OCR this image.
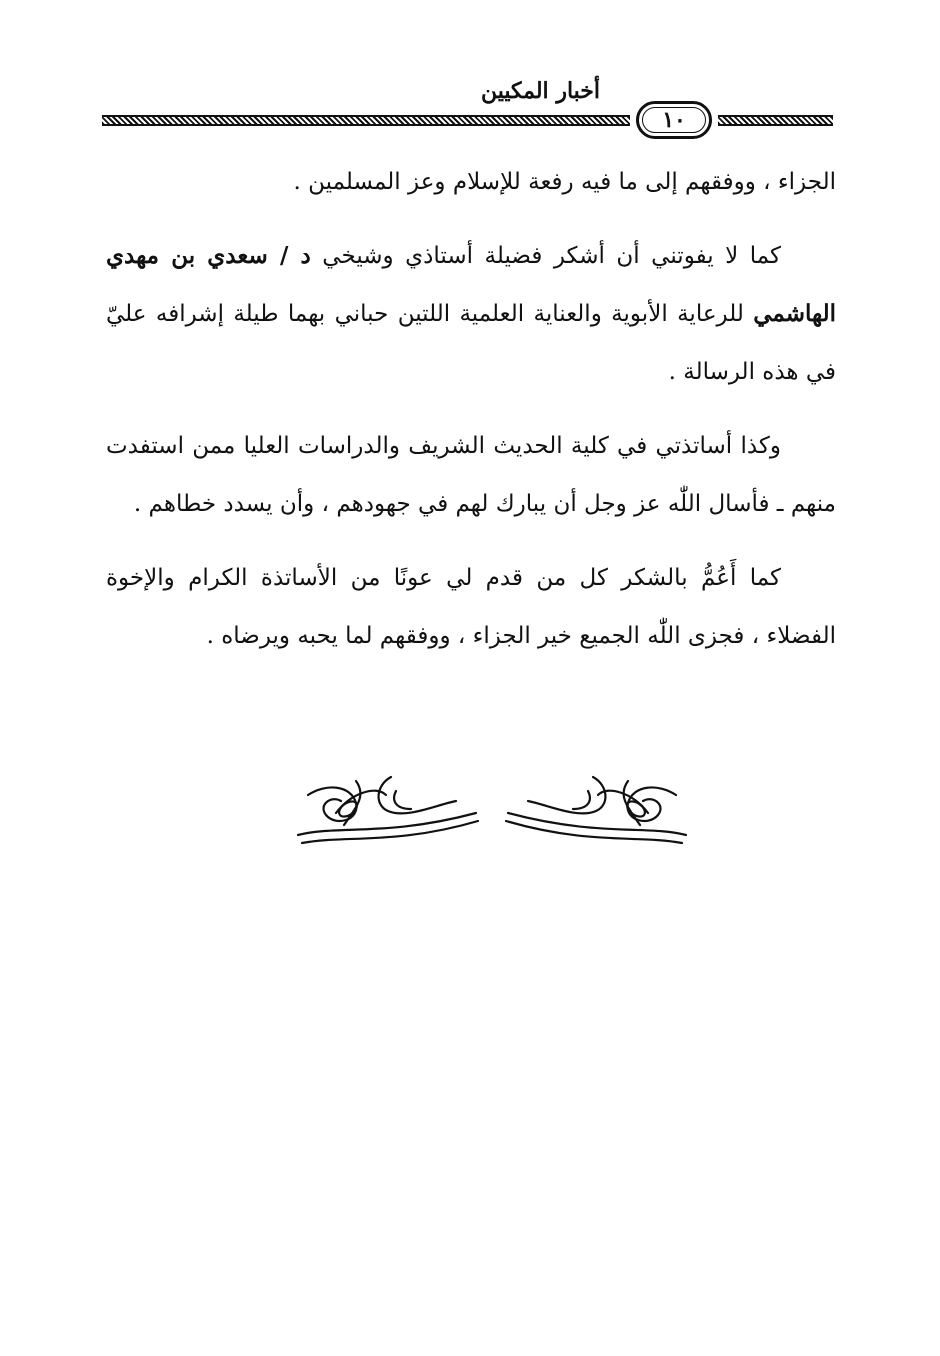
أخبار المكيين
١٠

الجزاء ، ووفقهم إلى ما فيه رفعة للإسلام وعز المسلمين .

كما لا يفوتني أن أشكر فضيلة أستاذي وشيخي د / سعدي بن مهدي الهاشمي للرعاية الأبوية والعناية العلمية اللتين حباني بهما طيلة إشرافه عليّ في هذه الرسالة .

وكذا أساتذتي في كلية الحديث الشريف والدراسات العليا ممن استفدت منهم ـ فأسال اللّٰه عز وجل أن يبارك لهم في جهودهم ، وأن يسدد خطاهم .

كما أَعُمُّ بالشكر كل من قدم لي عونًا من الأساتذة الكرام والإخوة الفضلاء ، فجزى اللّٰه الجميع خير الجزاء ، ووفقهم لما يحبه ويرضاه .
